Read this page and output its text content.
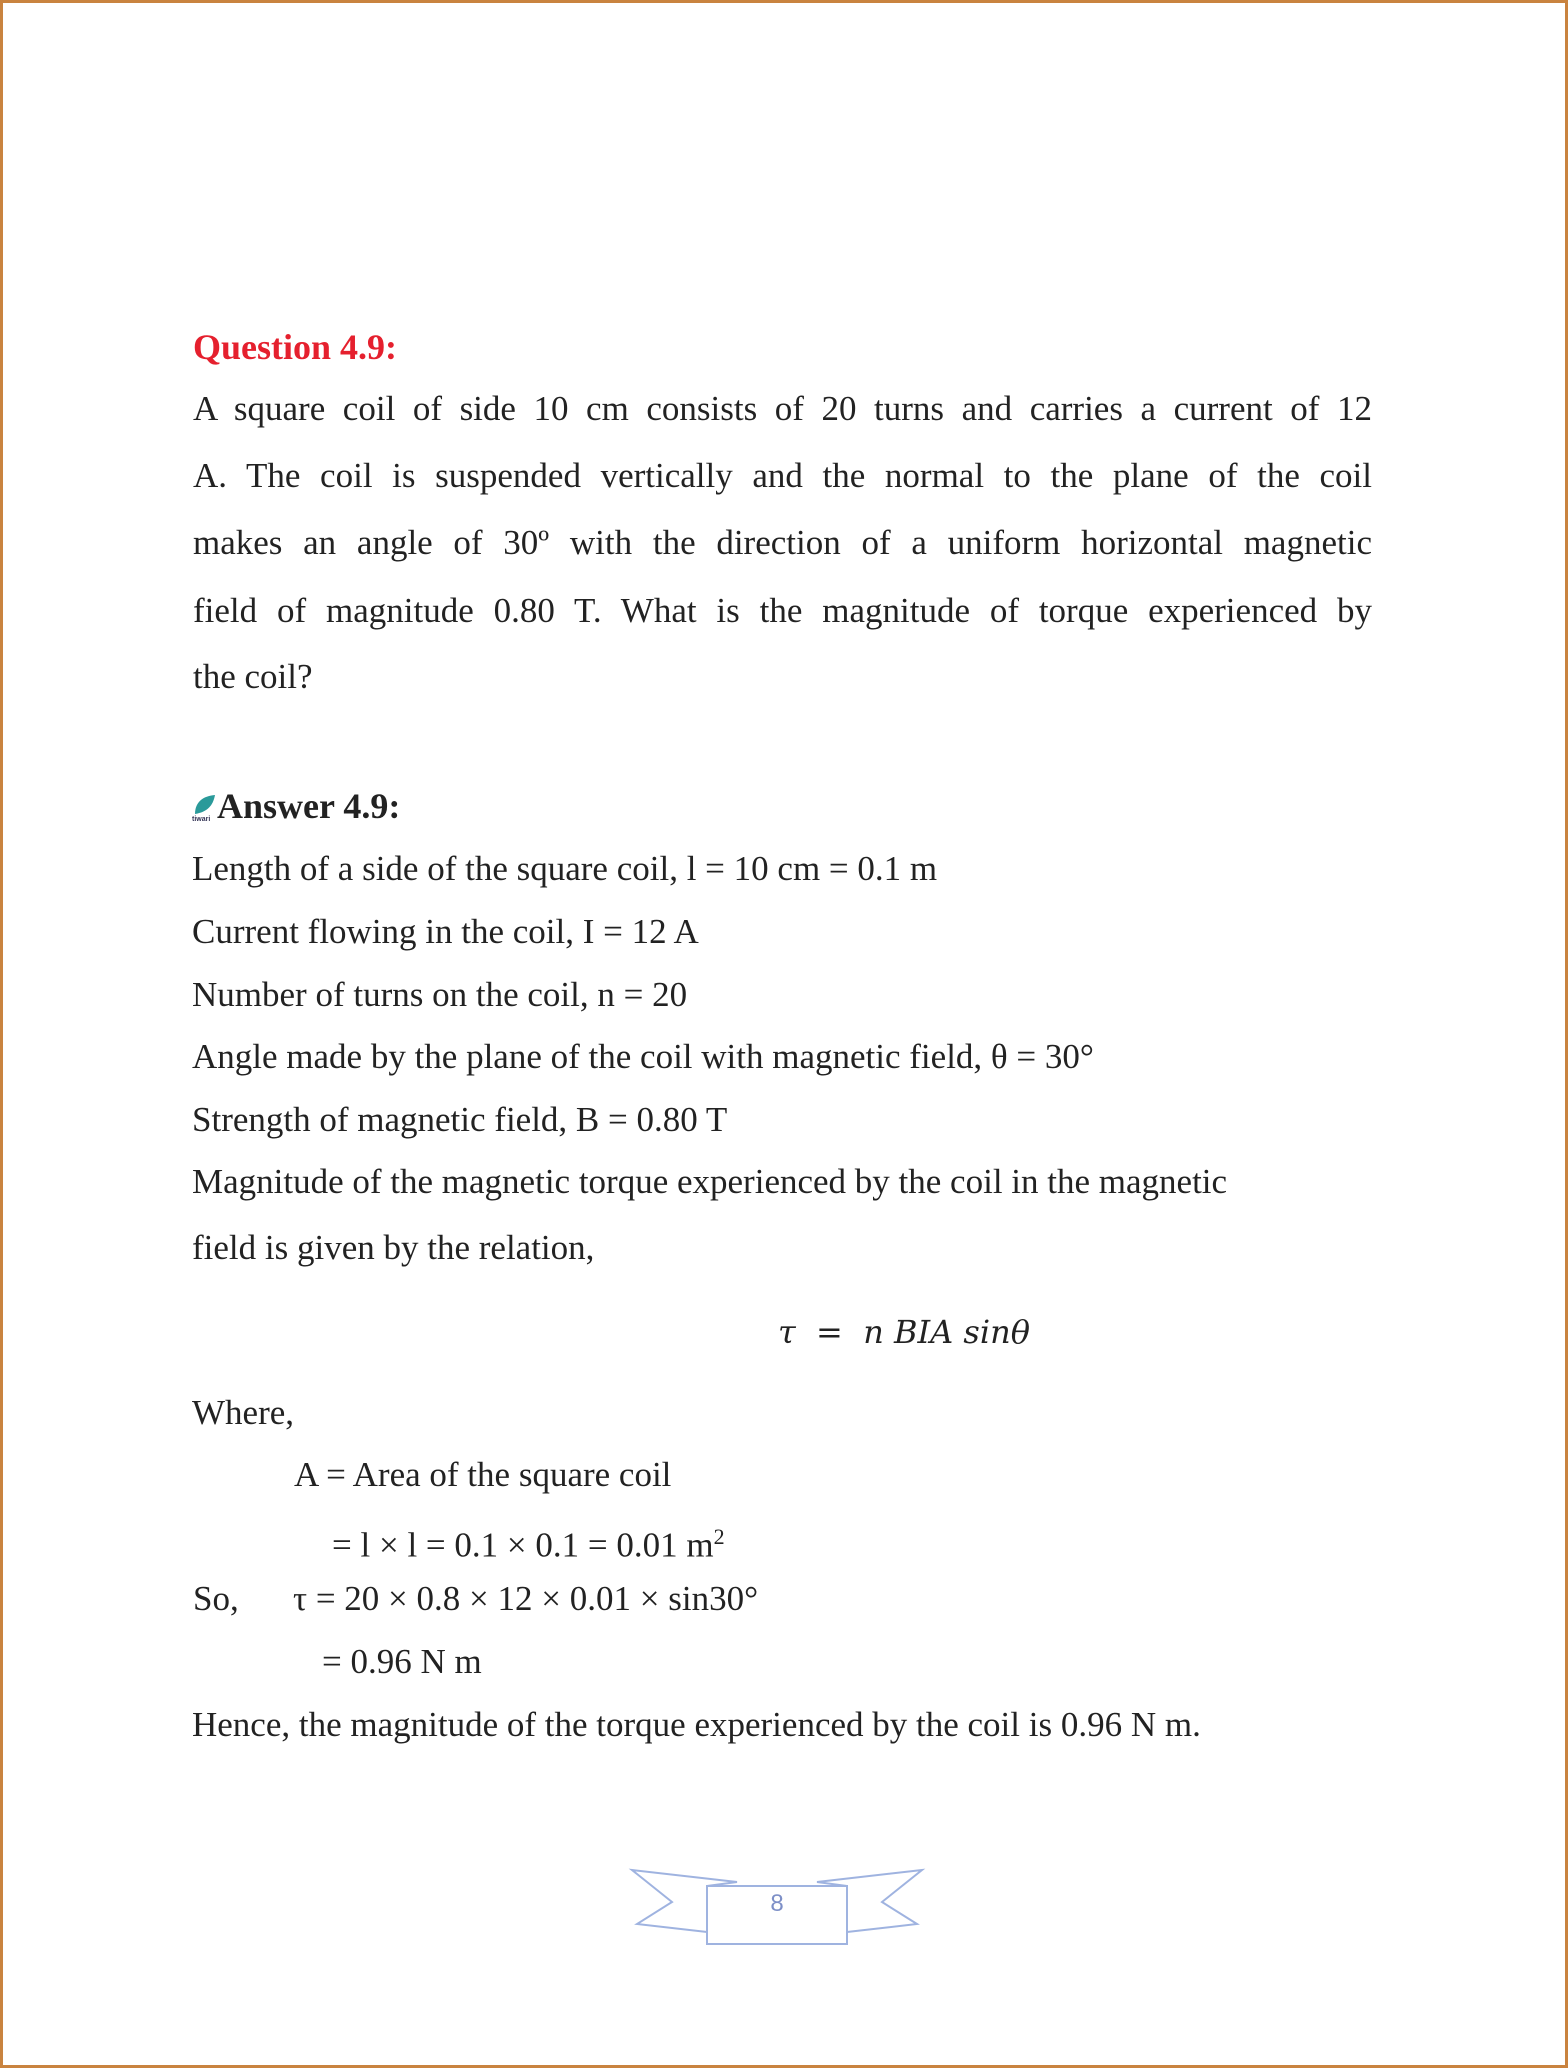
Question 4.9:
A square coil of side 10 cm consists of 20 turns and carries a current of 12
A. The coil is suspended vertically and the normal to the plane of the coil
makes an angle of 30º with the direction of a uniform horizontal magnetic
field of magnitude 0.80 T. What is the magnitude of torque experienced by
the coil?
tiwari Answer 4.9:
Length of a side of the square coil, l = 10 cm = 0.1 m
Current flowing in the coil, I = 12 A
Number of turns on the coil, n = 20
Angle made by the plane of the coil with magnetic field, θ = 30°
Strength of magnetic field, B = 0.80 T
Magnitude of the magnetic torque experienced by the coil in the magnetic
field is given by the relation,
τ  =  n BIA sinθ
Where,
A = Area of the square coil
= l × l = 0.1 × 0.1 = 0.01 $m^2$
So, τ = 20 × 0.8 × 12 × 0.01 × sin30°
= 0.96 N m
Hence, the magnitude of the torque experienced by the coil is 0.96 N m.
8
